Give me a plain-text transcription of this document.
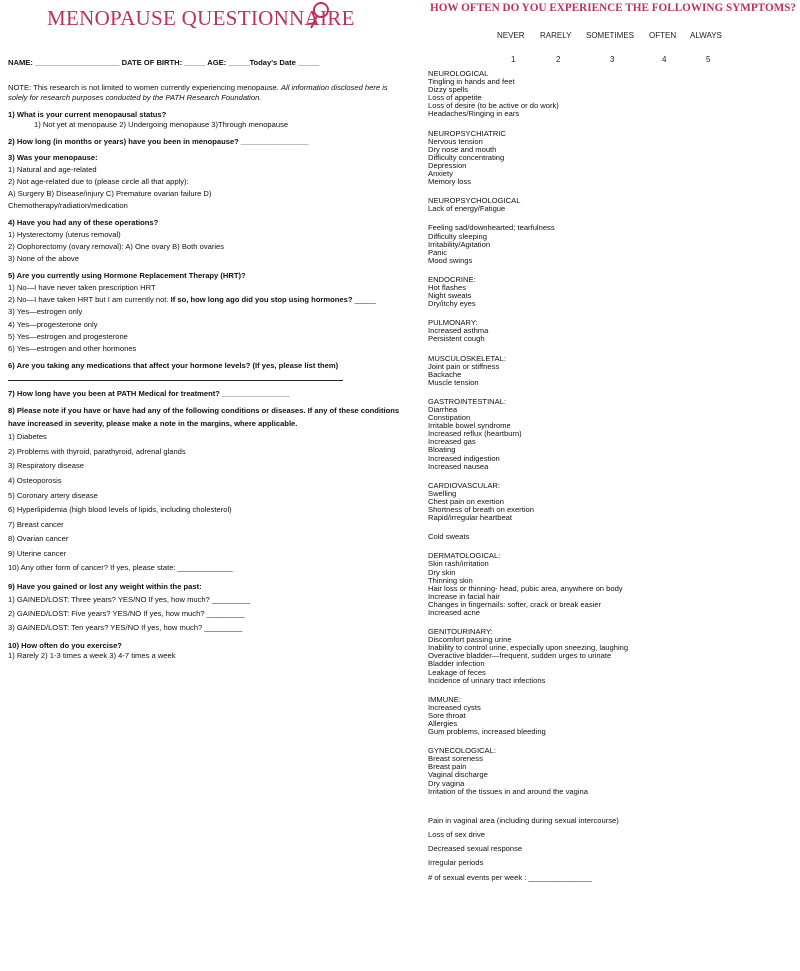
MENOPAUSE QUESTIONNAIRE	HOW OFTEN DO YOU EXPERIENCE THE FOLLOWING SYMPTOMS?
NEVER RARELY SOMETIMES OFTEN ALWAYS
1	2	3	4	5

NAME: ____________________ DATE OF BIRTH: _____ AGE: _____Today's Date _____

NOTE: This research is not limited to women currently experiencing menopause. All information disclosed here is solely for research purposes conducted by the PATH Research Foundation.

1) What is your current menopausal status?

1) Not yet at menopause 2) Undergoing menopause 3)Through menopause

2) How long (in months or years) have you been in menopause? ________________

3) Was your menopause:

1) Natural and age-related

2) Not age-related due to (please circle all that apply):

A) Surgery B) Disease/injury C) Premature ovarian failure D)

Chemotherapy/radiation/medication

4) Have you had any of these operations?

1) Hysterectomy (uterus removal)

2) Oophorectomy (ovary removal): A) One ovary B) Both ovaries

3) None of the above

5) Are you currently using Hormone Replacement Therapy (HRT)?

1) No—I have never taken prescription HRT

2) No—I have taken HRT but I am currently not. If so, how long ago did you stop using hormones? _____

3) Yes—estrogen only

4) Yes—progesterone only

5) Yes—estrogen and progesterone

6) Yes—estrogen and other hormones

6) Are you taking any medications that affect your hormone levels? (If yes, please list them)

7) How long have you been at PATH Medical for treatment? ________________

8) Please note if you have or have had any of the following conditions or diseases. If any of these conditions have increased in severity, please make a note in the margins, where applicable.

1) Diabetes

2) Problems with thyroid, parathyroid, adrenal glands

3) Respiratory disease

4) Osteoporosis

5) Coronary artery disease

6) Hyperlipidemia (high blood levels of lipids, including cholesterol)

7) Breast cancer

8) Ovarian cancer

9) Uterine cancer

10) Any other form of cancer? If yes, please state: _____________

9) Have you gained or lost any weight within the past:

1) GAINED/LOST: Three years? YES/NO If yes, how much? _________

2) GAINED/LOST: Five years? YES/NO If yes, how much? _________

3) GAINED/LOST: Ten years? YES/NO If yes, how much? _________

10) How often do you exercise?

1) Rarely 2) 1-3 times a week 3) 4-7 times a week

NEUROLOGICAL
Tingling in hands and feet
Dizzy spells
Loss of appetite
Loss of desire (to be active or do work)
Headaches/Ringing in ears
NEUROPSYCHIATRIC
Nervous tension
Dry nose and mouth
Difficulty concentrating
Depression
Anxiety
Memory loss
NEUROPSYCHOLOGICAL
Lack of energy/Fatigue
Feeling sad/downhearted; tearfulness
Difficulty sleeping
Irritability/Agitation
Panic
Mood swings
ENDOCRINE:
Hot flashes
Night sweats
Dry/itchy eyes
PULMONARY:
Increased asthma
Persistent cough
MUSCULOSKELETAL:
Joint pain or stiffness
Backache
Muscle tension
GASTROINTESTINAL:
Diarrhea
Constipation
Irritable bowel syndrome
Increased reflux (heartburn)
Increased gas
Bloating
Increased indigestion
Increased nausea
CARDIOVASCULAR:
Swelling
Chest pain on exertion
Shortness of breath on exertion
Rapid/irregular heartbeat
Cold sweats
DERMATOLOGICAL:
Skin rash/irritation
Dry skin
Thinning skin
Hair loss or thinning- head, pubic area, anywhere on body
Increase in facial hair
Changes in fingernails: softer, crack or break easier
Increased acne
GENITOURINARY:
Discomfort passing urine
Inability to control urine, especially upon sneezing, laughing
Overactive bladder—frequent, sudden urges to urinate
Bladder infection
Leakage of feces
Incidence of urinary tract infections
IMMUNE:
Increased cysts
Sore throat
Allergies
Gum problems, increased bleeding
GYNECOLOGICAL:
Breast soreness
Breast pain
Vaginal discharge
Dry vagina
Irritation of the tissues in and around the vagina
Pain in vaginal area (including during sexual intercourse)
Loss of sex drive
Decreased sexual response
Irregular periods
# of sexual events per week : _______________
